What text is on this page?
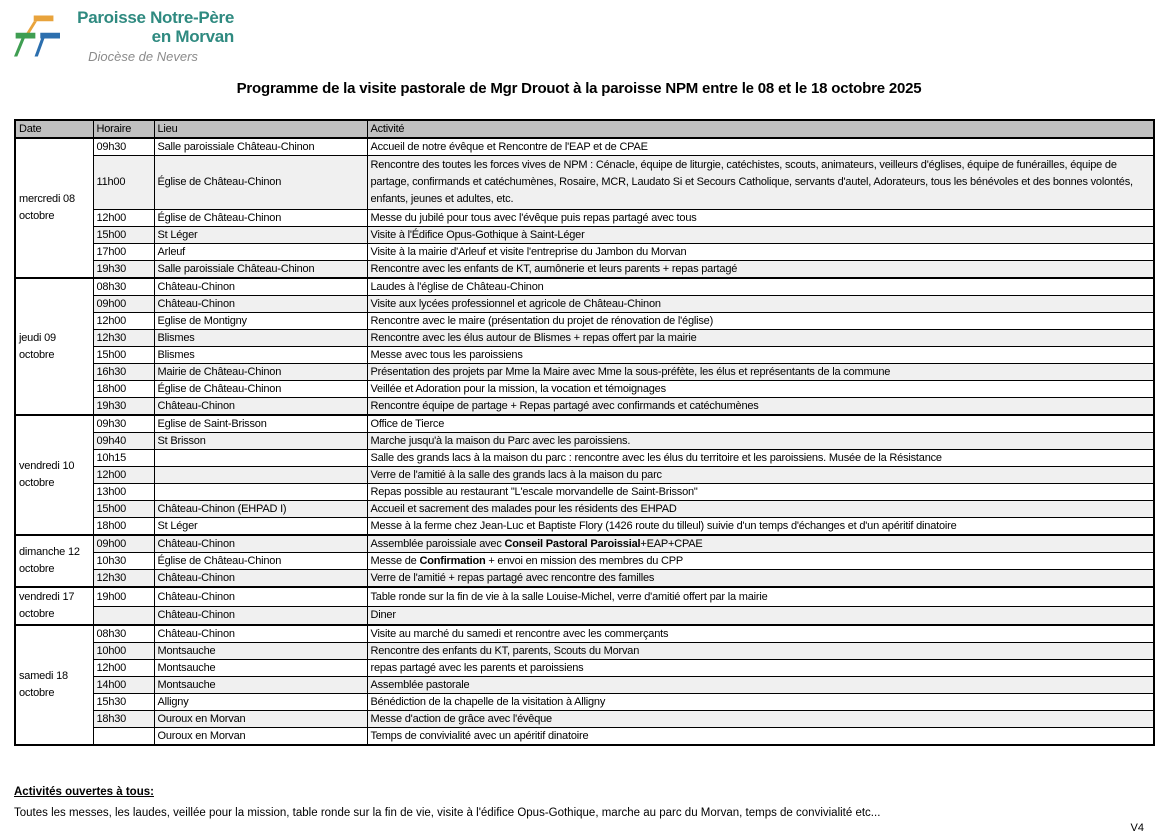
Paroisse Notre-Père
en Morvan
Diocèse de Nevers
Programme de la visite pastorale de Mgr Drouot à la paroisse NPM entre le 08 et le 18 octobre 2025
Date	Horaire	Lieu	Activité
mercredi 08 octobre	09h30	Salle paroissiale Château-Chinon	Accueil de notre évêque et Rencontre de l'EAP et de CPAE
	11h00	Église de Château-Chinon	Rencontre des toutes les forces vives de NPM : Cénacle, équipe de liturgie, catéchistes, scouts, animateurs, veilleurs d'églises, équipe de funérailles, équipe de partage, confirmands et catéchumènes, Rosaire, MCR, Laudato Si et Secours Catholique, servants d'autel, Adorateurs, tous les bénévoles et des bonnes volontés, enfants, jeunes et adultes, etc.
	12h00	Église de Château-Chinon	Messe du jubilé pour tous avec l'évêque puis repas partagé avec tous
	15h00	St Léger	Visite à l'Édifice Opus-Gothique à Saint-Léger
	17h00	Arleuf	Visite à la mairie d'Arleuf et visite l'entreprise du Jambon du Morvan
	19h30	Salle paroissiale Château-Chinon	Rencontre avec les enfants de KT, aumônerie et leurs parents + repas partagé
jeudi 09 octobre	08h30	Château-Chinon	Laudes à l'église de Château-Chinon
	09h00	Château-Chinon	Visite aux lycées professionnel et agricole de Château-Chinon
	12h00	Eglise de Montigny	Rencontre avec le maire (présentation du projet de rénovation de l'église)
	12h30	Blismes	Rencontre avec les élus autour de Blismes + repas offert par la mairie
	15h00	Blismes	Messe avec tous les paroissiens
	16h30	Mairie de Château-Chinon	Présentation des projets par Mme la Maire avec Mme la sous-préfète, les élus et représentants de la commune
	18h00	Église de Château-Chinon	Veillée et Adoration pour la mission, la vocation et témoignages
	19h30	Château-Chinon	Rencontre équipe de partage + Repas partagé avec confirmands et catéchumènes
vendredi 10 octobre	09h30	Eglise de Saint-Brisson	Office de Tierce
	09h40	St Brisson	Marche jusqu'à la maison du Parc avec les paroissiens.
	10h15		Salle des grands lacs à la maison du parc : rencontre avec les élus du territoire et les paroissiens. Musée de la Résistance
	12h00		Verre de l'amitié à la salle des grands lacs à la maison du parc
	13h00		Repas possible au restaurant "L'escale morvandelle de Saint-Brisson"
	15h00	Château-Chinon (EHPAD I)	Accueil et sacrement des malades pour les résidents des EHPAD
	18h00	St Léger	Messe à la ferme chez Jean-Luc et Baptiste Flory (1426 route du tilleul) suivie d'un temps d'échanges et d'un apéritif dinatoire
dimanche 12 octobre	09h00	Château-Chinon	Assemblée paroissiale avec Conseil Pastoral Paroissial+EAP+CPAE
	10h30	Église de Château-Chinon	Messe de Confirmation + envoi en mission des membres du CPP
	12h30	Château-Chinon	Verre de l'amitié + repas partagé avec rencontre des familles
vendredi 17 octobre	19h00	Château-Chinon	Table ronde sur la fin de vie à la salle Louise-Michel, verre d'amitié offert par la mairie
		Château-Chinon	Diner
samedi 18 octobre	08h30	Château-Chinon	Visite au marché du samedi et rencontre avec les commerçants
	10h00	Montsauche	Rencontre des enfants du KT, parents, Scouts du Morvan
	12h00	Montsauche	repas partagé avec les parents et paroissiens
	14h00	Montsauche	Assemblée pastorale
	15h30	Alligny	Bénédiction de la chapelle de la visitation à Alligny
	18h30	Ouroux en Morvan	Messe d'action de grâce avec l'évêque
		Ouroux en Morvan	Temps de convivialité avec un apéritif dinatoire
Activités ouvertes à tous:
Toutes les messes, les laudes, veillée pour la mission, table ronde sur la fin de vie, visite à l'édifice Opus-Gothique, marche au parc du Morvan, temps de convivialité etc...
V4
